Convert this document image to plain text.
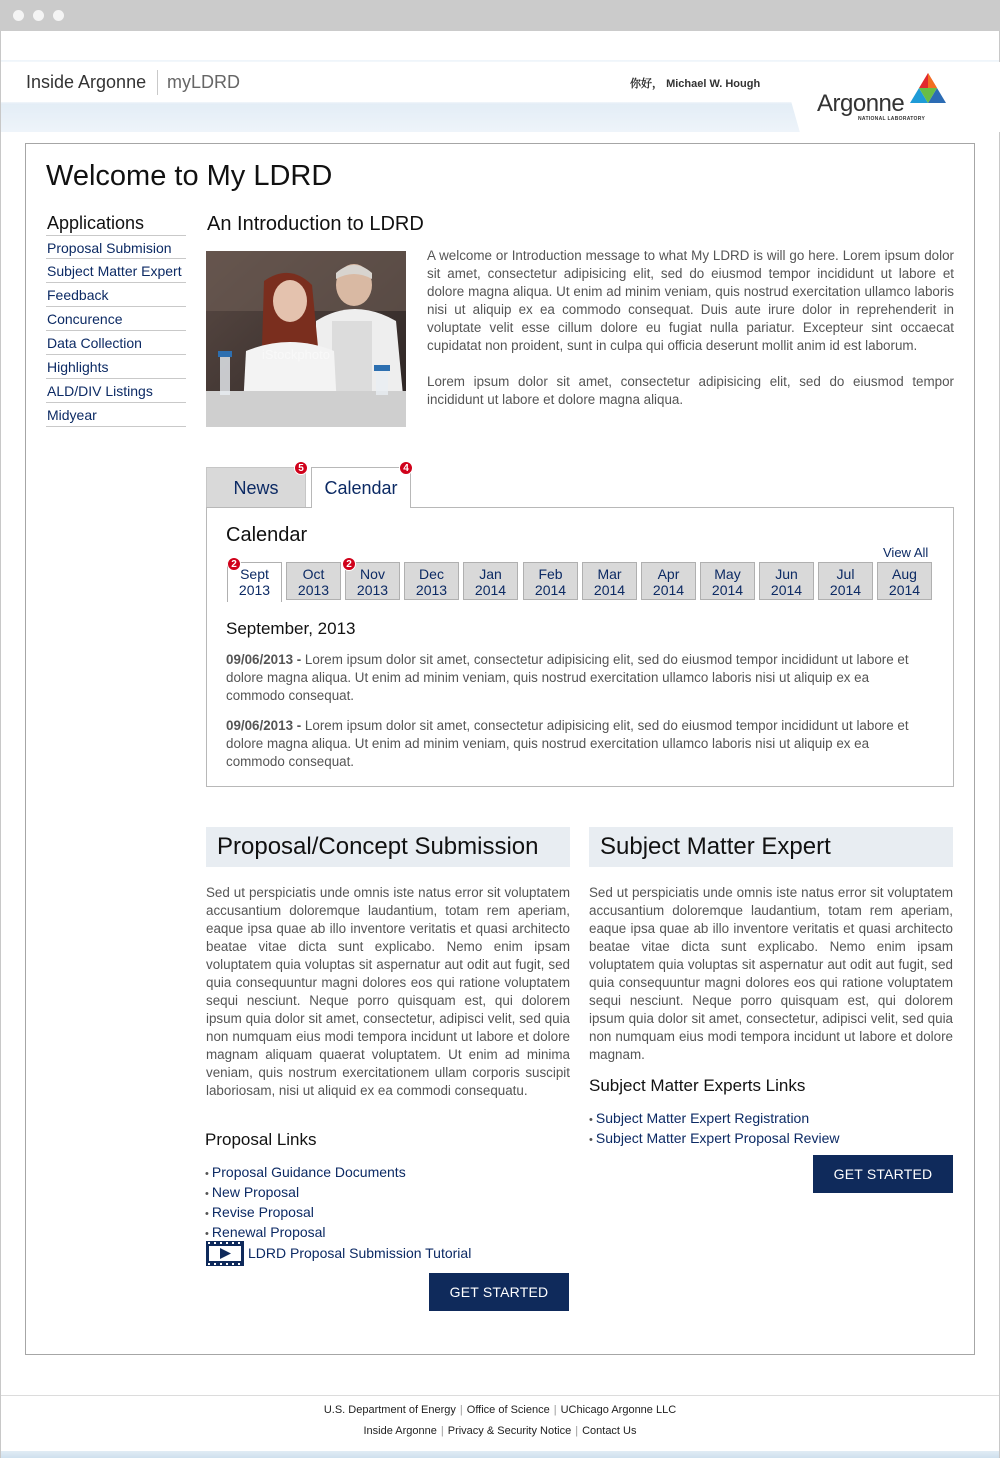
Inside Argonne myLDRD	你好， Michael W. Hough
Argonne
NATIONAL LABORATORY
Welcome to My LDRD
Applications
Proposal Submision
Subject Matter Expert
Feedback
Concurence
Data Collection
Highlights
ALD/DIV Listings
Midyear
An Introduction to LDRD
iStockphoto

A welcome or Introduction message to what My LDRD is will go here. Lorem ipsum dolor sit amet, consectetur adipisicing elit, sed do eiusmod tempor incididunt ut labore et dolore magna aliqua. Ut enim ad minim veniam, quis nostrud exercitation ullamco laboris nisi ut aliquip ex ea commodo consequat. Duis aute irure dolor in reprehenderit in voluptate velit esse cillum dolore eu fugiat nulla pariatur. Excepteur sint occaecat cupidatat non proident, sunt in culpa qui officia deserunt mollit anim id est laborum.

Lorem ipsum dolor sit amet, consectetur adipisicing elit, sed do eiusmod tempor incididunt ut labore et dolore magna aliqua.

News
5
Calendar
4
Calendar
View All
Sept
2013
Oct
2013
Nov
2013
Dec
2013
Jan
2014
Feb
2014
Mar
2014
Apr
2014
May
2014
Jun
2014
Jul
2014
Aug
2014
2	2
September, 2013
09/06/2013 - Lorem ipsum dolor sit amet, consectetur adipisicing elit, sed do eiusmod tempor incididunt ut labore et dolore magna aliqua. Ut enim ad minim veniam, quis nostrud exercitation ullamco laboris nisi ut aliquip ex ea commodo consequat.
09/06/2013 - Lorem ipsum dolor sit amet, consectetur adipisicing elit, sed do eiusmod tempor incididunt ut labore et dolore magna aliqua. Ut enim ad minim veniam, quis nostrud exercitation ullamco laboris nisi ut aliquip ex ea commodo consequat.
Proposal/Concept Submission
Sed ut perspiciatis unde omnis iste natus error sit voluptatem accusantium doloremque laudantium, totam rem aperiam, eaque ipsa quae ab illo inventore veritatis et quasi architecto beatae vitae dicta sunt explicabo. Nemo enim ipsam voluptatem quia voluptas sit aspernatur aut odit aut fugit, sed quia consequuntur magni dolores eos qui ratione voluptatem sequi nesciunt. Neque porro quisquam est, qui dolorem ipsum quia dolor sit amet, consectetur, adipisci velit, sed quia non numquam eius modi tempora incidunt ut labore et dolore magnam aliquam quaerat voluptatem. Ut enim ad minima veniam, quis nostrum exercitationem ullam corporis suscipit laboriosam, nisi ut aliquid ex ea commodi consequatu.
Proposal Links
• Proposal Guidance Documents
• New Proposal
• Revise Proposal
• Renewal Proposal
LDRD Proposal Submission Tutorial
GET STARTED
Subject Matter Expert
Sed ut perspiciatis unde omnis iste natus error sit voluptatem accusantium doloremque laudantium, totam rem aperiam, eaque ipsa quae ab illo inventore veritatis et quasi architecto beatae vitae dicta sunt explicabo. Nemo enim ipsam voluptatem quia voluptas sit aspernatur aut odit aut fugit, sed quia consequuntur magni dolores eos qui ratione voluptatem sequi nesciunt. Neque porro quisquam est, qui dolorem ipsum quia dolor sit amet, consectetur, adipisci velit, sed quia non numquam eius modi tempora incidunt ut labore et dolore magnam.
Subject Matter Experts Links
• Subject Matter Expert Registration
• Subject Matter Expert Proposal Review
GET STARTED
U.S. Department of Energy | Office of Science | UChicago Argonne LLC
Inside Argonne | Privacy & Security Notice | Contact Us
